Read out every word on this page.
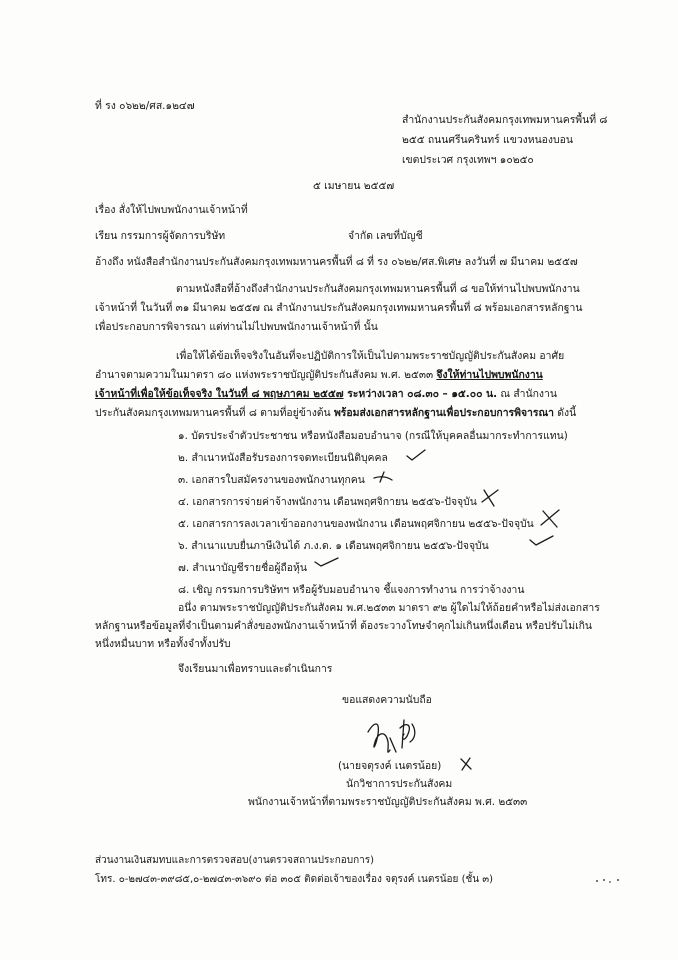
ที่ รง ๐๖๒๒/ศส.๑๒๔๗
สำนักงานประกันสังคมกรุงเทพมหานครพื้นที่ ๘
๒๕๕ ถนนศรีนครินทร์ แขวงหนองบอน
เขตประเวศ กรุงเทพฯ ๑๐๒๕๐
๕ เมษายน ๒๕๕๗
เรื่อง สั่งให้ไปพบพนักงานเจ้าหน้าที่
เรียน กรรมการผู้จัดการบริษัท	จำกัด เลขที่บัญชี
อ้างถึง หนังสือสำนักงานประกันสังคมกรุงเทพมหานครพื้นที่ ๘ ที่ รง ๐๖๒๒/ศส.พิเศษ ลงวันที่ ๗ มีนาคม ๒๕๕๗
ตามหนังสือที่อ้างถึงสำนักงานประกันสังคมกรุงเทพมหานครพื้นที่ ๘ ขอให้ท่านไปพบพนักงาน
เจ้าหน้าที่ ในวันที่ ๓๑ มีนาคม ๒๕๕๗ ณ สำนักงานประกันสังคมกรุงเทพมหานครพื้นที่ ๘ พร้อมเอกสารหลักฐาน
เพื่อประกอบการพิจารณา แต่ท่านไม่ไปพบพนักงานเจ้าหน้าที่ นั้น
เพื่อให้ได้ข้อเท็จจริงในอันที่จะปฏิบัติการให้เป็นไปตามพระราชบัญญัติประกันสังคม อาศัย
อำนาจตามความในมาตรา ๘๐ แห่งพระราชบัญญัติประกันสังคม พ.ศ. ๒๕๓๓ จึงให้ท่านไปพบพนักงาน
เจ้าหน้าที่เพื่อให้ข้อเท็จจริง ในวันที่ ๘ พฤษภาคม ๒๕๕๗ ระหว่างเวลา ๐๘.๓๐ – ๑๕.๐๐ น. ณ สำนักงาน
ประกันสังคมกรุงเทพมหานครพื้นที่ ๘ ตามที่อยู่ข้างต้น พร้อมส่งเอกสารหลักฐานเพื่อประกอบการพิจารณา ดังนี้
๑. บัตรประจำตัวประชาชน หรือหนังสือมอบอำนาจ (กรณีให้บุคคลอื่นมากระทำการแทน)
๒. สำเนาหนังสือรับรองการจดทะเบียนนิติบุคคล
๓. เอกสารใบสมัครงานของพนักงานทุกคน
๔. เอกสารการจ่ายค่าจ้างพนักงาน เดือนพฤศจิกายน ๒๕๕๖-ปัจจุบัน
๕. เอกสารการลงเวลาเข้าออกงานของพนักงาน เดือนพฤศจิกายน ๒๕๕๖-ปัจจุบัน
๖. สำเนาแบบยื่นภาษีเงินได้ ภ.ง.ด. ๑ เดือนพฤศจิกายน ๒๕๕๖-ปัจจุบัน
๗. สำเนาบัญชีรายชื่อผู้ถือหุ้น
๘. เชิญ กรรมการบริษัทฯ หรือผู้รับมอบอำนาจ ชี้แจงการทำงาน การว่าจ้างงาน
อนึ่ง ตามพระราชบัญญัติประกันสังคม พ.ศ.๒๕๓๓ มาตรา ๙๒ ผู้ใดไม่ให้ถ้อยคำหรือไม่ส่งเอกสาร
หลักฐานหรือข้อมูลที่จำเป็นตามคำสั่งของพนักงานเจ้าหน้าที่ ต้องระวางโทษจำคุกไม่เกินหนึ่งเดือน หรือปรับไม่เกิน
หนึ่งหมื่นบาท หรือทั้งจำทั้งปรับ
จึงเรียนมาเพื่อทราบและดำเนินการ
ขอแสดงความนับถือ
(นายจตุรงค์ เนตรน้อย)
นักวิชาการประกันสังคม
พนักงานเจ้าหน้าที่ตามพระราชบัญญัติประกันสังคม พ.ศ. ๒๕๓๓
ส่วนงานเงินสมทบและการตรวจสอบ(งานตรวจสถานประกอบการ)
โทร. ๐-๒๗๔๓-๓๙๘๕,๐-๒๗๔๓-๓๖๙๐ ต่อ ๓๐๕ ติดต่อเจ้าของเรื่อง จตุรงค์ เนตรน้อย (ชั้น ๓)
